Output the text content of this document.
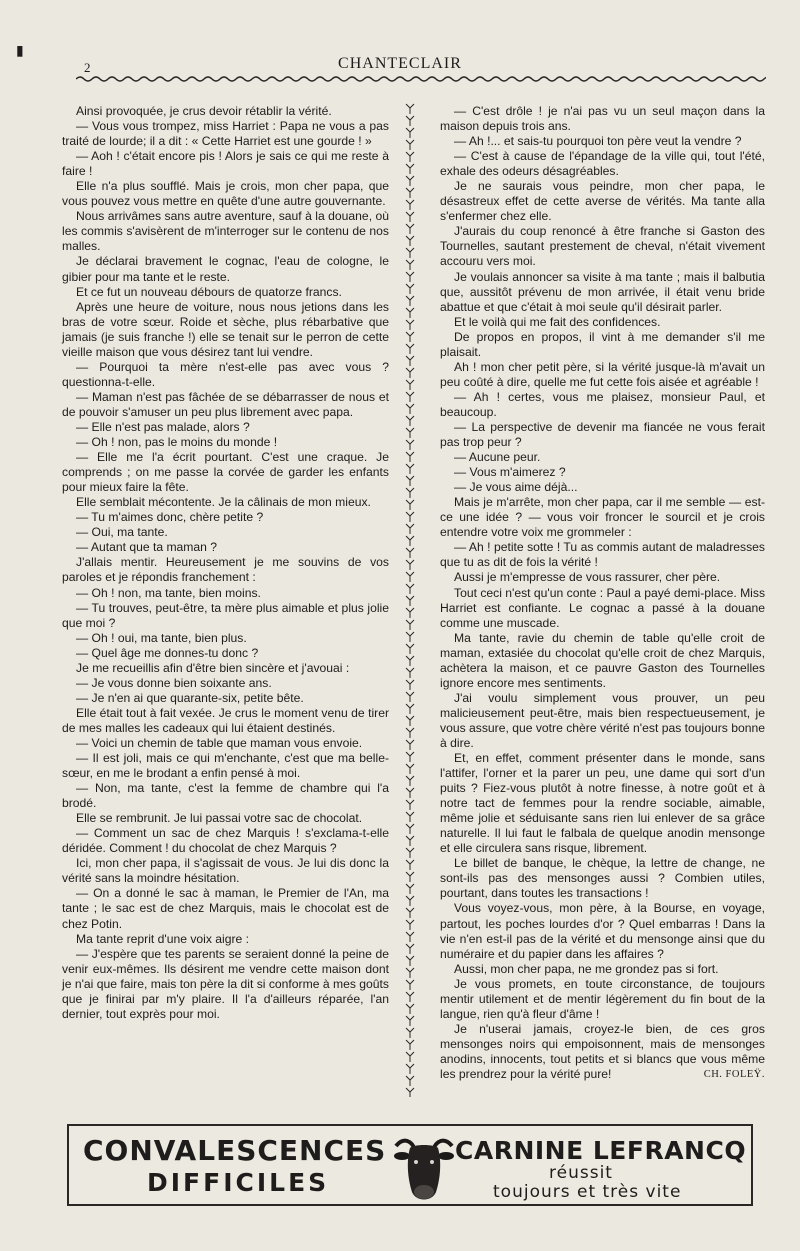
▮
2	CHANTECLAIR

Ainsi provoquée, je crus devoir rétablir la vérité.

— Vous vous trompez, miss Harriet : Papa ne vous a pas traité de lourde; il a dit : « Cette Harriet est une gourde ! »

— Aoh ! c'était encore pis ! Alors je sais ce qui me reste à faire !

Elle n'a plus soufflé. Mais je crois, mon cher papa, que vous pouvez vous mettre en quête d'une autre gouvernante.

Nous arrivâmes sans autre aventure, sauf à la douane, où les commis s'avisèrent de m'interroger sur le contenu de nos malles.

Je déclarai bravement le cognac, l'eau de cologne, le gibier pour ma tante et le reste.

Et ce fut un nouveau débours de quatorze francs.

Après une heure de voiture, nous nous jetions dans les bras de votre sœur. Roide et sèche, plus rébarbative que jamais (je suis franche !) elle se tenait sur le perron de cette vieille maison que vous désirez tant lui vendre.

— Pourquoi ta mère n'est-elle pas avec vous ? questionna-t-elle.

— Maman n'est pas fâchée de se débarrasser de nous et de pouvoir s'amuser un peu plus librement avec papa.

— Elle n'est pas malade, alors ?

— Oh ! non, pas le moins du monde !

— Elle me l'a écrit pourtant. C'est une craque. Je comprends ; on me passe la corvée de garder les enfants pour mieux faire la fête.

Elle semblait mécontente. Je la câlinais de mon mieux.

— Tu m'aimes donc, chère petite ?

— Oui, ma tante.

— Autant que ta maman ?

J'allais mentir. Heureusement je me souvins de vos paroles et je répondis franchement :

— Oh ! non, ma tante, bien moins.

— Tu trouves, peut-être, ta mère plus aimable et plus jolie que moi ?

— Oh ! oui, ma tante, bien plus.

— Quel âge me donnes-tu donc ?

Je me recueillis afin d'être bien sincère et j'avouai :

— Je vous donne bien soixante ans.

— Je n'en ai que quarante-six, petite bête.

Elle était tout à fait vexée. Je crus le moment venu de tirer de mes malles les cadeaux qui lui étaient destinés.

— Voici un chemin de table que maman vous envoie.

— Il est joli, mais ce qui m'enchante, c'est que ma belle-sœur, en me le brodant a enfin pensé à moi.

— Non, ma tante, c'est la femme de chambre qui l'a brodé.

Elle se rembrunit. Je lui passai votre sac de chocolat.

— Comment un sac de chez Marquis ! s'exclama-t-elle déridée. Comment ! du chocolat de chez Marquis ?

Ici, mon cher papa, il s'agissait de vous. Je lui dis donc la vérité sans la moindre hésitation.

— On a donné le sac à maman, le Premier de l'An, ma tante ; le sac est de chez Marquis, mais le chocolat est de chez Potin.

Ma tante reprit d'une voix aigre :

— J'espère que tes parents se seraient donné la peine de venir eux-mêmes. Ils désirent me vendre cette maison dont je n'ai que faire, mais ton père la dit si conforme à mes goûts que je finirai par m'y plaire. Il l'a d'ailleurs réparée, l'an dernier, tout exprès pour moi.

— C'est drôle ! je n'ai pas vu un seul maçon dans la maison depuis trois ans.

— Ah !... et sais-tu pourquoi ton père veut la vendre ?

— C'est à cause de l'épandage de la ville qui, tout l'été, exhale des odeurs désagréables.

Je ne saurais vous peindre, mon cher papa, le désastreux effet de cette averse de vérités. Ma tante alla s'enfermer chez elle.

J'aurais du coup renoncé à être franche si Gaston des Tournelles, sautant prestement de cheval, n'était vivement accouru vers moi.

Je voulais annoncer sa visite à ma tante ; mais il balbutia que, aussitôt prévenu de mon arrivée, il était venu bride abattue et que c'était à moi seule qu'il désirait parler.

Et le voilà qui me fait des confidences.

De propos en propos, il vint à me demander s'il me plaisait.

Ah ! mon cher petit père, si la vérité jusque-là m'avait un peu coûté à dire, quelle me fut cette fois aisée et agréable !

— Ah ! certes, vous me plaisez, monsieur Paul, et beaucoup.

— La perspective de devenir ma fiancée ne vous ferait pas trop peur ?

— Aucune peur.

— Vous m'aimerez ?

— Je vous aime déjà...

Mais je m'arrête, mon cher papa, car il me semble — est-ce une idée ? — vous voir froncer le sourcil et je crois entendre votre voix me grommeler :

— Ah ! petite sotte ! Tu as commis autant de maladresses que tu as dit de fois la vérité !

Aussi je m'empresse de vous rassurer, cher père.

Tout ceci n'est qu'un conte : Paul a payé demi-place. Miss Harriet est confiante. Le cognac a passé à la douane comme une muscade.

Ma tante, ravie du chemin de table qu'elle croit de maman, extasiée du chocolat qu'elle croit de chez Marquis, achètera la maison, et ce pauvre Gaston des Tournelles ignore encore mes sentiments.

J'ai voulu simplement vous prouver, un peu malicieusement peut-être, mais bien respectueusement, je vous assure, que votre chère vérité n'est pas toujours bonne à dire.

Et, en effet, comment présenter dans le monde, sans l'attifer, l'orner et la parer un peu, une dame qui sort d'un puits ? Fiez-vous plutôt à notre finesse, à notre goût et à notre tact de femmes pour la rendre sociable, aimable, même jolie et séduisante sans rien lui enlever de sa grâce naturelle. Il lui faut le falbala de quelque anodin mensonge et elle circulera sans risque, librement.

Le billet de banque, le chèque, la lettre de change, ne sont-ils pas des mensonges aussi ? Combien utiles, pourtant, dans toutes les transactions !

Vous voyez-vous, mon père, à la Bourse, en voyage, partout, les poches lourdes d'or ? Quel embarras ! Dans la vie n'en est-il pas de la vérité et du mensonge ainsi que du numéraire et du papier dans les affaires ?

Aussi, mon cher papa, ne me grondez pas si fort.

Je vous promets, en toute circonstance, de toujours mentir utilement et de mentir légèrement du fin bout de la langue, rien qu'à fleur d'âme !

Je n'userai jamais, croyez-le bien, de ces gros mensonges noirs qui empoisonnent, mais de mensonges anodins, innocents, tout petits et si blancs que vous même les prendrez pour la vérité pure!	CH. FOLEŸ.

CONVALESCENCES
DIFFICILES
CARNINE LEFRANCQ
réussit
toujours et très vite
